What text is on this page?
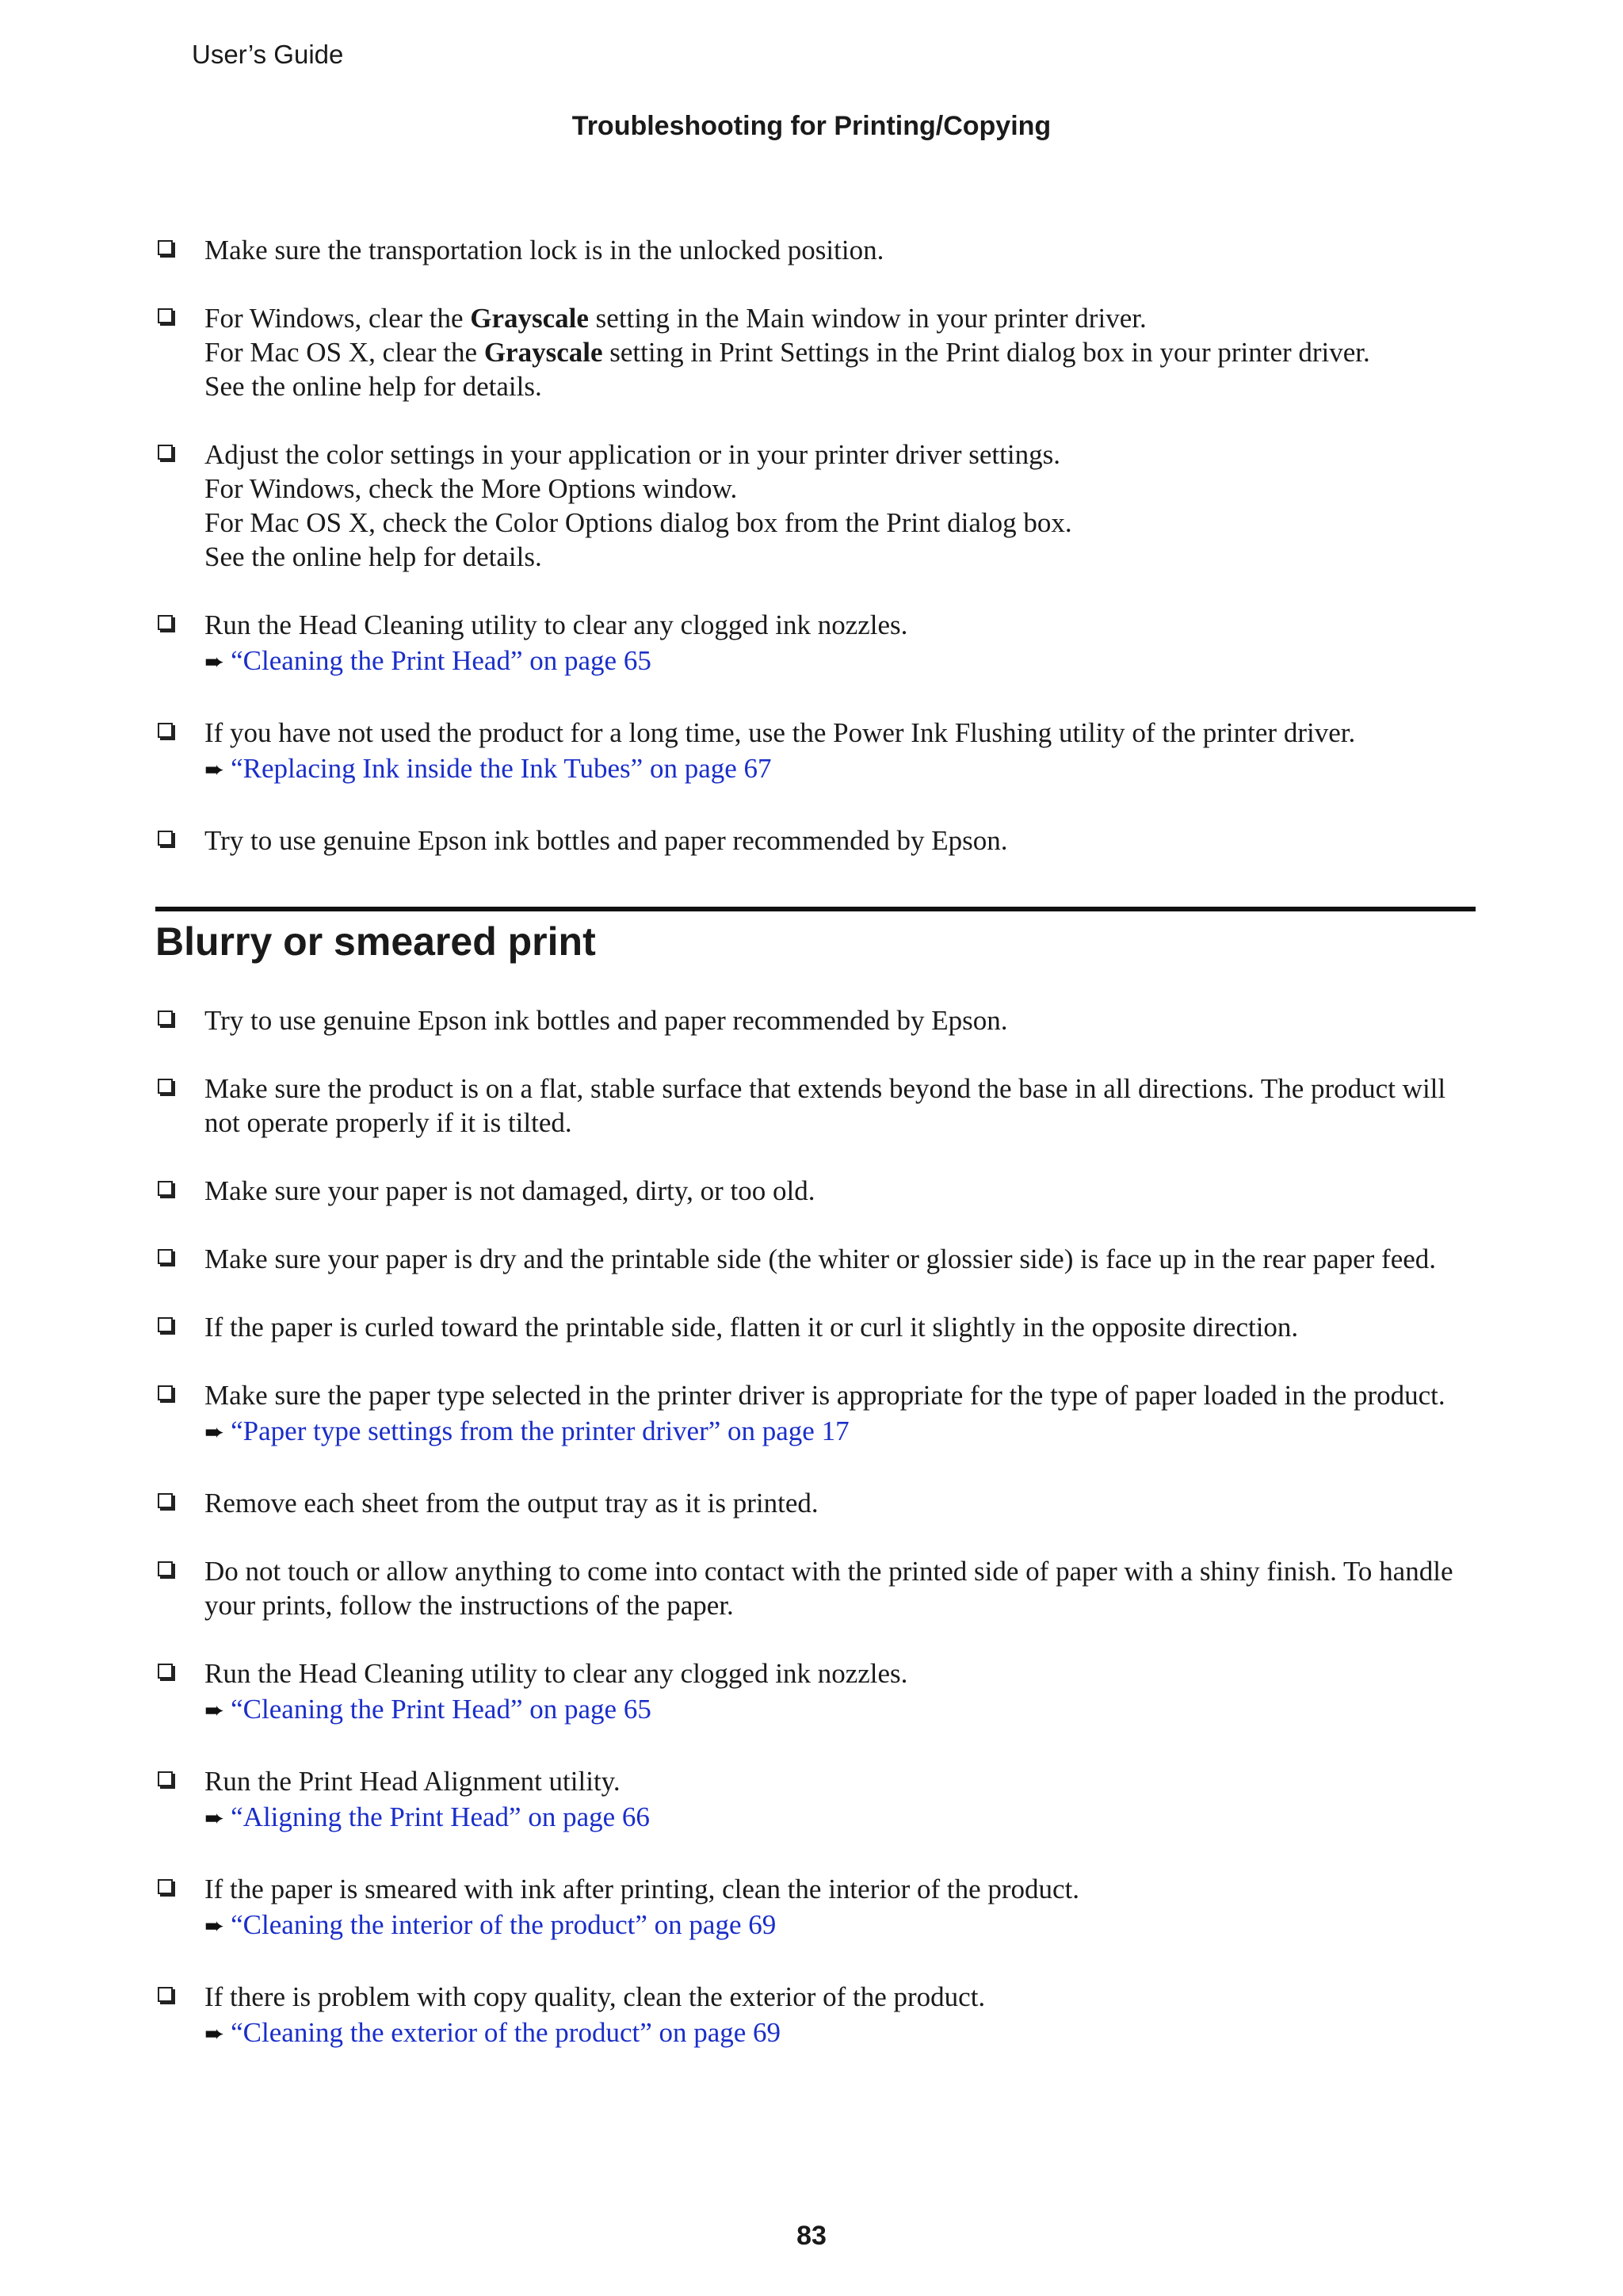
User’s Guide
Troubleshooting for Printing/Copying
Make sure the transportation lock is in the unlocked position.
For Windows, clear the Grayscale setting in the Main window in your printer driver.
For Mac OS X, clear the Grayscale setting in Print Settings in the Print dialog box in your printer driver.
See the online help for details.
Adjust the color settings in your application or in your printer driver settings.
For Windows, check the More Options window.
For Mac OS X, check the Color Options dialog box from the Print dialog box.
See the online help for details.
Run the Head Cleaning utility to clear any clogged ink nozzles.
➨ “Cleaning the Print Head” on page 65
If you have not used the product for a long time, use the Power Ink Flushing utility of the printer driver.
➨ “Replacing Ink inside the Ink Tubes” on page 67
Try to use genuine Epson ink bottles and paper recommended by Epson.
Blurry or smeared print
Try to use genuine Epson ink bottles and paper recommended by Epson.
Make sure the product is on a flat, stable surface that extends beyond the base in all directions. The product will not operate properly if it is tilted.
Make sure your paper is not damaged, dirty, or too old.
Make sure your paper is dry and the printable side (the whiter or glossier side) is face up in the rear paper feed.
If the paper is curled toward the printable side, flatten it or curl it slightly in the opposite direction.
Make sure the paper type selected in the printer driver is appropriate for the type of paper loaded in the product.
➨ “Paper type settings from the printer driver” on page 17
Remove each sheet from the output tray as it is printed.
Do not touch or allow anything to come into contact with the printed side of paper with a shiny finish. To handle your prints, follow the instructions of the paper.
Run the Head Cleaning utility to clear any clogged ink nozzles.
➨ “Cleaning the Print Head” on page 65
Run the Print Head Alignment utility.
➨ “Aligning the Print Head” on page 66
If the paper is smeared with ink after printing, clean the interior of the product.
➨ “Cleaning the interior of the product” on page 69
If there is problem with copy quality, clean the exterior of the product.
➨ “Cleaning the exterior of the product” on page 69
83
